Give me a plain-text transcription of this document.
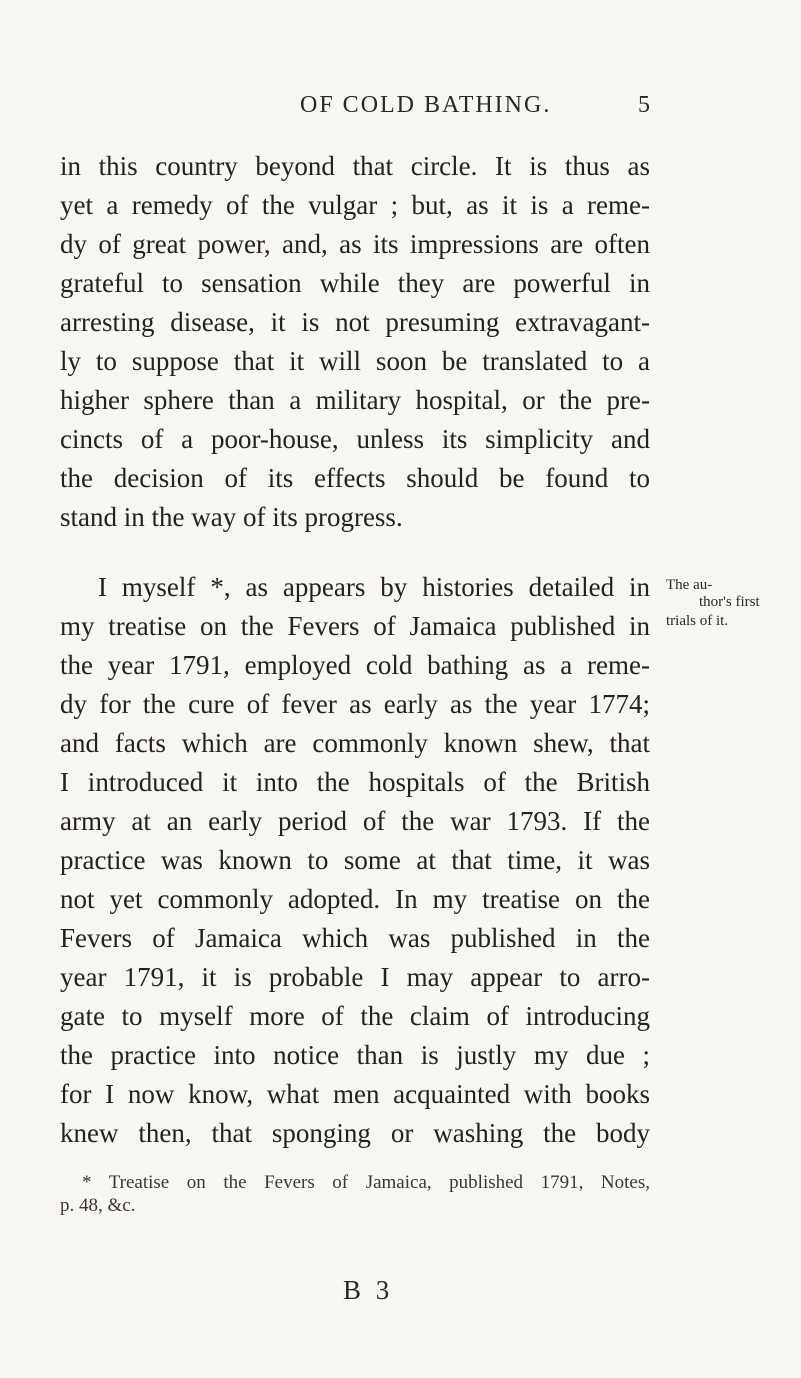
OF COLD BATHING.	5
in this country beyond that circle. It is thus as
yet a remedy of the vulgar ; but, as it is a reme-
dy of great power, and, as its impressions are often
grateful to sensation while they are powerful in
arresting disease, it is not presuming extravagant-
ly to suppose that it will soon be translated to a
higher sphere than a military hospital, or the pre-
cincts of a poor-house, unless its simplicity and
the decision of its effects should be found to
stand in the way of its progress.
I myself *, as appears by histories detailed in
my treatise on the Fevers of Jamaica published in
the year 1791, employed cold bathing as a reme-
dy for the cure of fever as early as the year 1774;
and facts which are commonly known shew, that
I introduced it into the hospitals of the British
army at an early period of the war 1793. If the
practice was known to some at that time, it was
not yet commonly adopted. In my treatise on the
Fevers of Jamaica which was published in the
year 1791, it is probable I may appear to arro-
gate to myself more of the claim of introducing
the practice into notice than is justly my due ;
for I now know, what men acquainted with books
knew then, that sponging or washing the body
The au-
thor's first
trials of it.
* Treatise on the Fevers of Jamaica, published 1791, Notes,
p. 48, &c.
B 3
